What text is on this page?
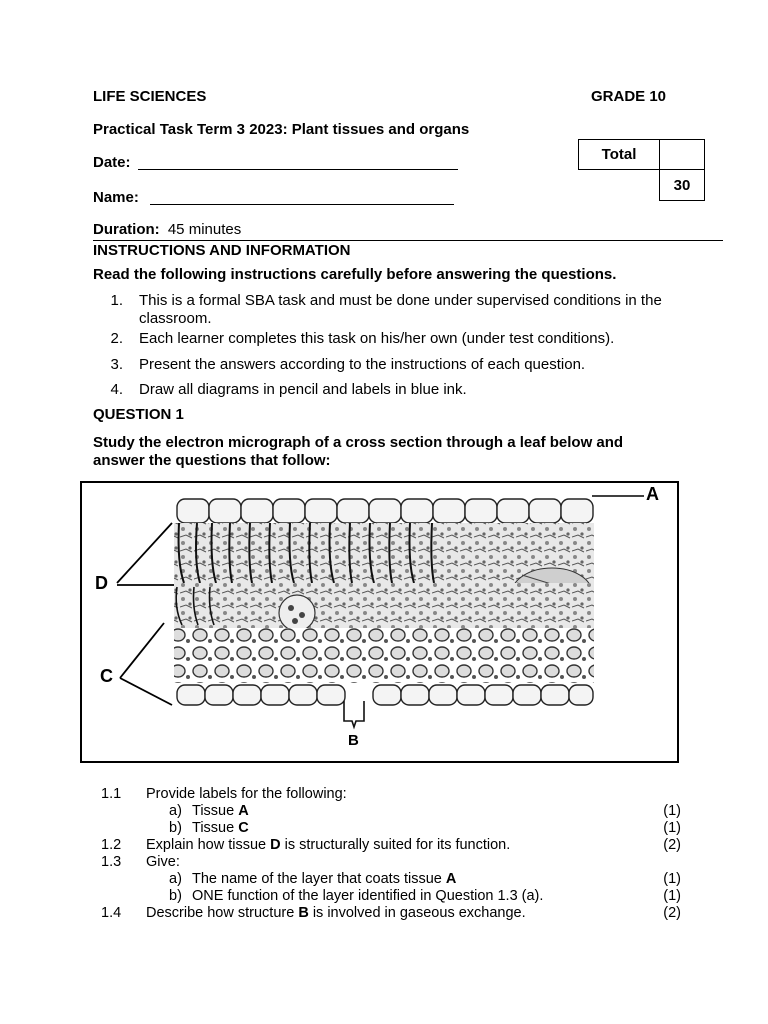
LIFE SCIENCES	GRADE 10
Practical Task Term 3 2023: Plant tissues and organs
Total
30
Date:
Name:
Duration: 45 minutes
INSTRUCTIONS AND INFORMATION
Read the following instructions carefully before answering the questions.
1. This is a formal SBA task and must be done under supervised conditions in the classroom.
2. Each learner completes this task on his/her own (under test conditions).
3. Present the answers according to the instructions of each question.
4. Draw all diagrams in pencil and labels in blue ink.
QUESTION 1
Study the electron micrograph of a cross section through a leaf below and answer the questions that follow:
A
D
C
B
1.1	Provide labels for the following:
a) Tissue A	(1)
b) Tissue C	(1)
1.2	Explain how tissue D is structurally suited for its function.	(2)
1.3	Give:
a) The name of the layer that coats tissue A	(1)
b) ONE function of the layer identified in Question 1.3 (a).	(1)
1.4	Describe how structure B is involved in gaseous exchange.	(2)
